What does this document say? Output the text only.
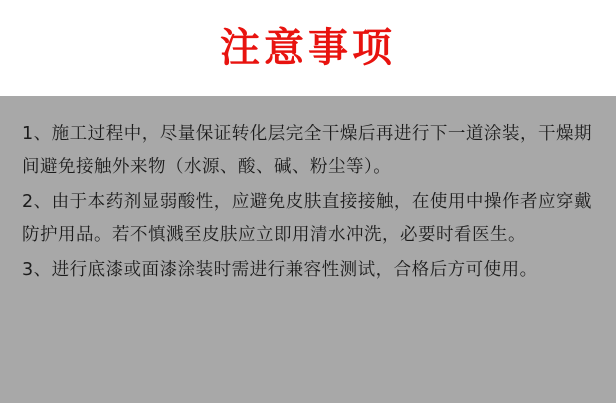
注意事项

1、施工过程中，尽量保证转化层完全干燥后再进行下一道涂装，干燥期间避免接触外来物（水源、酸、碱、粉尘等）。

2、由于本药剂显弱酸性，应避免皮肤直接接触，在使用中操作者应穿戴防护用品。若不慎溅至皮肤应立即用清水冲洗，必要时看医生。

3、进行底漆或面漆涂装时需进行兼容性测试，合格后方可使用。
